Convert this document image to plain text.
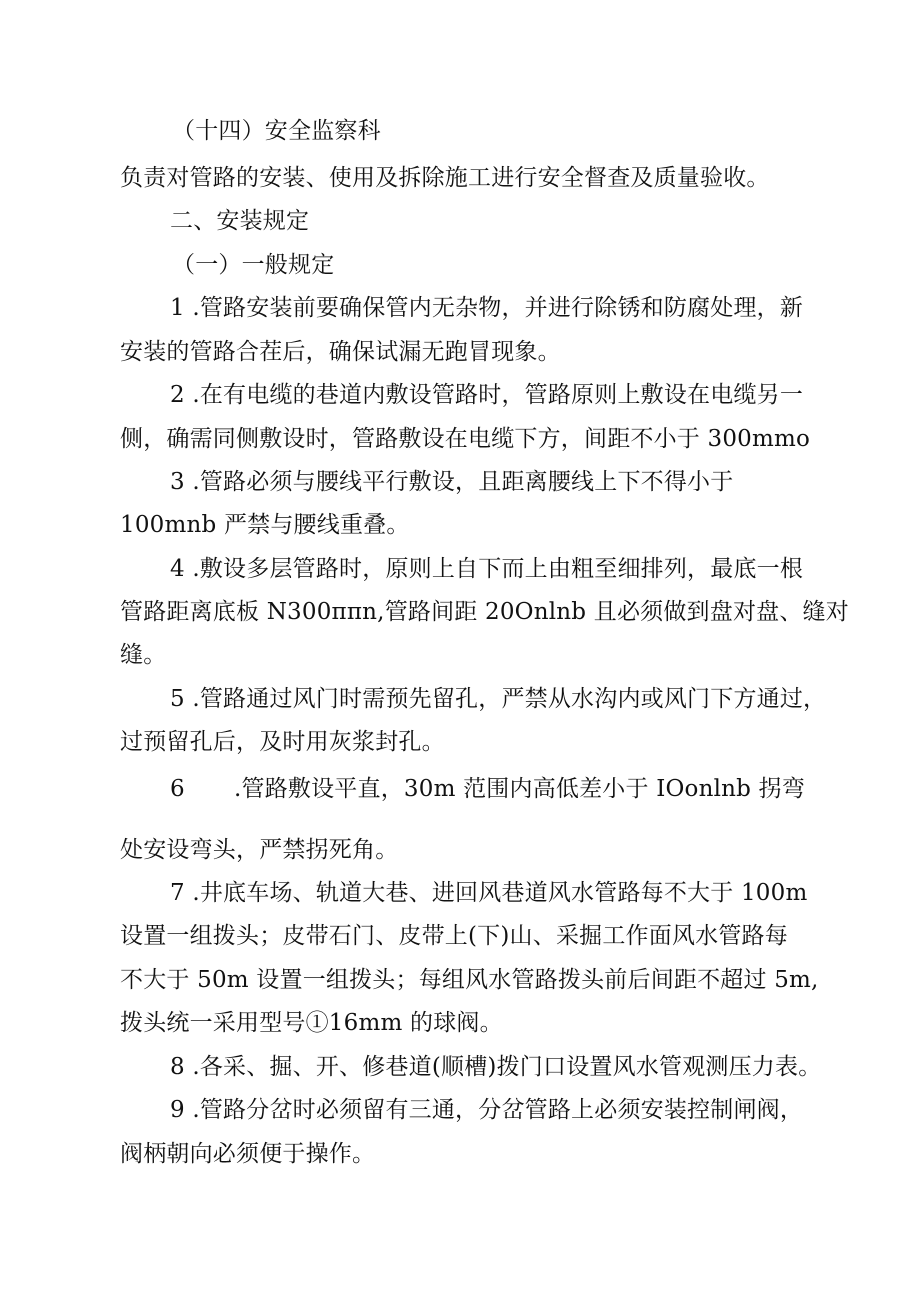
（十四）安全监察科
负责对管路的安装、使用及拆除施工进行安全督查及质量验收。
二、安装规定
（一）一般规定
1 .管路安装前要确保管内无杂物，并进行除锈和防腐处理，新
安装的管路合茬后，确保试漏无跑冒现象。
2 .在有电缆的巷道内敷设管路时，管路原则上敷设在电缆另一
侧，确需同侧敷设时，管路敷设在电缆下方，间距不小于 300mmo
3 .管路必须与腰线平行敷设，且距离腰线上下不得小于
100mnb 严禁与腰线重叠。
4 .敷设多层管路时，原则上自下而上由粗至细排列，最底一根
管路距离底板 N300ππn,管路间距 20Onlnb 且必须做到盘对盘、缝对
缝。
5 .管路通过风门时需预先留孔，严禁从水沟内或风门下方通过，
过预留孔后，及时用灰浆封孔。
6 .管路敷设平直，30m 范围内高低差小于 IOonlnb 拐弯
处安设弯头，严禁拐死角。
7 .井底车场、轨道大巷、进回风巷道风水管路每不大于 100m
设置一组拨头；皮带石门、皮带上(下)山、采掘工作面风水管路每
不大于 50m 设置一组拨头；每组风水管路拨头前后间距不超过 5m,
拨头统一采用型号①16mm 的球阀。
8 .各采、掘、开、修巷道(顺槽)拨门口设置风水管观测压力表。
9 .管路分岔时必须留有三通，分岔管路上必须安装控制闸阀，
阀柄朝向必须便于操作。
